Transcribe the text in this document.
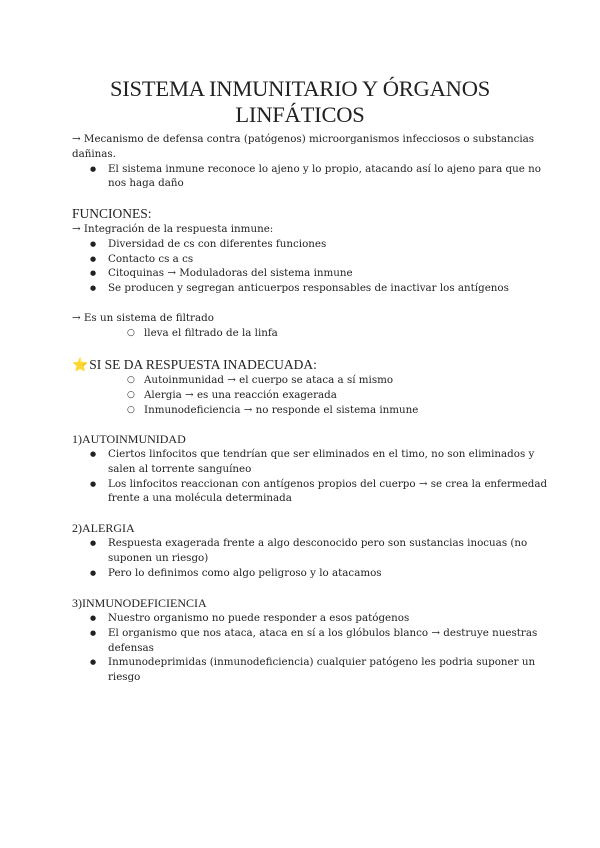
SISTEMA INMUNITARIO Y ÓRGANOS LINFÁTICOS
→ Mecanismo de defensa contra (patógenos) microorganismos infecciosos o substancias dañinas.
● El sistema inmune reconoce lo ajeno y lo propio, atacando así lo ajeno para que no nos haga daño
FUNCIONES:
→ Integración de la respuesta inmune:
● Diversidad de cs con diferentes funciones
● Contacto cs a cs
● Citoquinas → Moduladoras del sistema inmune
● Se producen y segregan anticuerpos responsables de inactivar los antígenos
→ Es un sistema de filtrado
○ lleva el filtrado de la linfa
⭐SI SE DA RESPUESTA INADECUADA:
○ Autoinmunidad → el cuerpo se ataca a sí mismo
○ Alergia → es una reacción exagerada
○ Inmunodeficiencia → no responde el sistema inmune
1)AUTOINMUNIDAD
● Ciertos linfocitos que tendrían que ser eliminados en el timo, no son eliminados y salen al torrente sanguíneo
● Los linfocitos reaccionan con antígenos propios del cuerpo → se crea la enfermedad frente a una molécula determinada
2)ALERGIA
● Respuesta exagerada frente a algo desconocido pero son sustancias inocuas (no suponen un riesgo)
● Pero lo definimos como algo peligroso y lo atacamos
3)INMUNODEFICIENCIA
● Nuestro organismo no puede responder a esos patógenos
● El organismo que nos ataca, ataca en sí a los glóbulos blanco → destruye nuestras defensas
● Inmunodeprimidas (inmunodeficiencia) cualquier patógeno les podria suponer un riesgo
